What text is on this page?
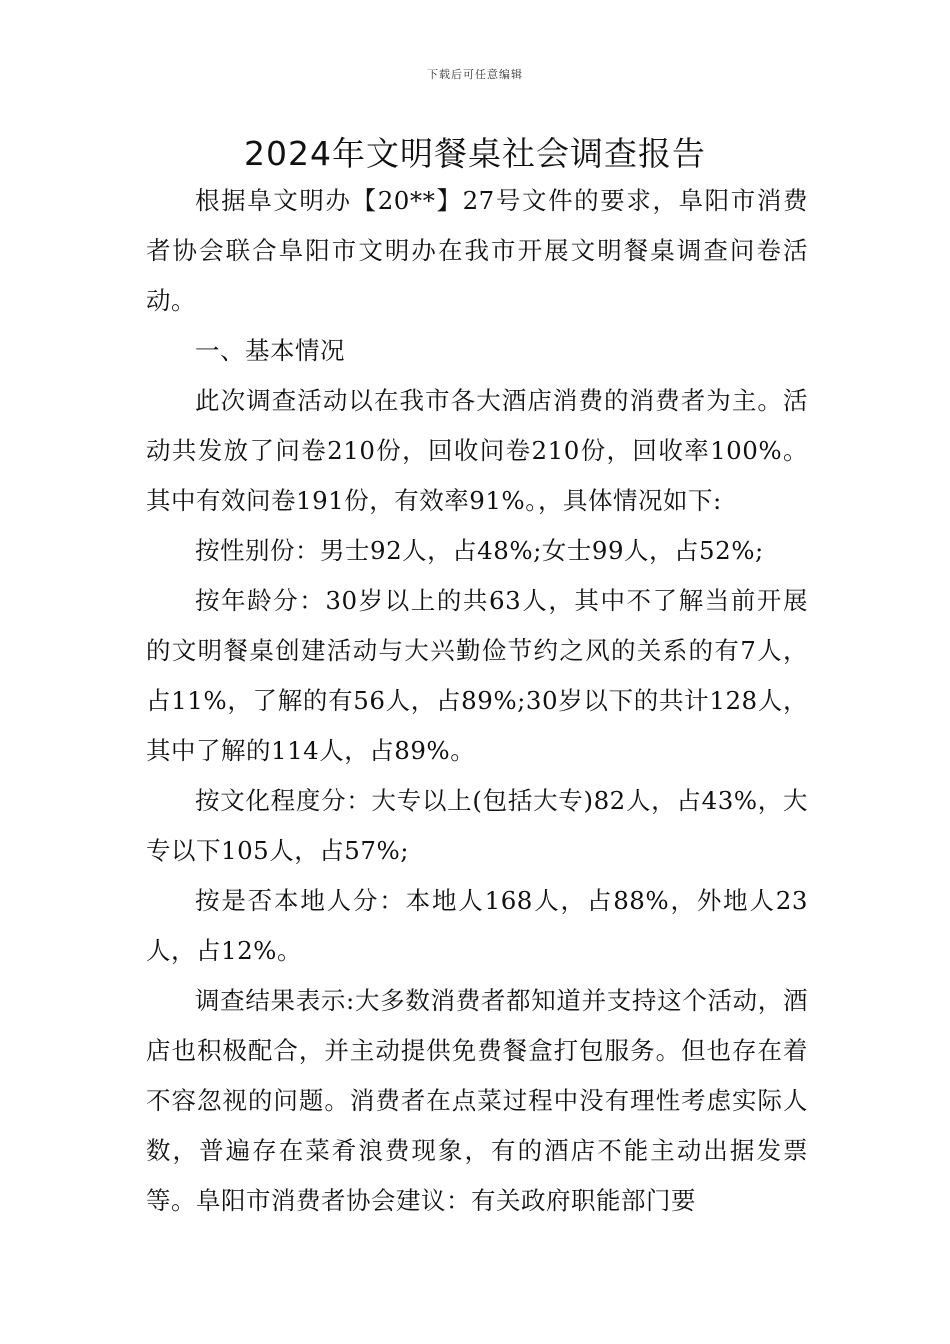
下载后可任意编辑
2024年文明餐桌社会调查报告

根据阜文明办【20**】27号文件的要求，阜阳市消费者协会联合阜阳市文明办在我市开展文明餐桌调查问卷活动。

一、基本情况

此次调查活动以在我市各大酒店消费的消费者为主。活动共发放了问卷210份，回收问卷210份，回收率100%。其中有效问卷191份，有效率91%。，具体情况如下:

按性别份：男士92人，占48%;女士99人，占52%;

按年龄分：30岁以上的共63人，其中不了解当前开展的文明餐桌创建活动与大兴勤俭节约之风的关系的有7人，占11%，了解的有56人，占89%;30岁以下的共计128人，其中了解的114人，占89%。

按文化程度分：大专以上(包括大专)82人，占43%，大专以下105人，占57%;

按是否本地人分：本地人168人，占88%，外地人23人，占12%。

调查结果表示:大多数消费者都知道并支持这个活动，酒店也积极配合，并主动提供免费餐盒打包服务。但也存在着不容忽视的问题。消费者在点菜过程中没有理性考虑实际人数，普遍存在菜肴浪费现象，有的酒店不能主动出据发票等。阜阳市消费者协会建议：有关政府职能部门要
